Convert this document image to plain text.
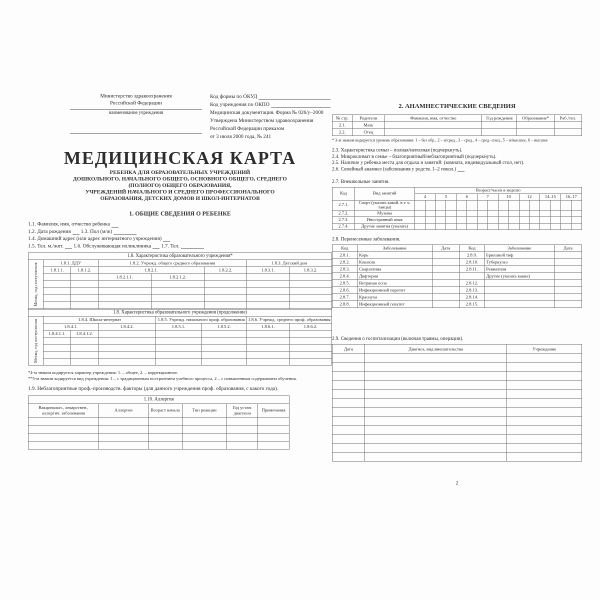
Министерство здравоохранения
Российской Федерации
наименование учреждения
Код формы по ОКУД
Код учреждения по ОКПО
Медицинская документация. Форма № 026/у–2000
Утверждена Министерством здравоохранения
Российской Федерации приказом
от 3 июля 2000 года, № 241
МЕДИЦИНСКАЯ КАРТА
РЕБЕНКА ДЛЯ ОБРАЗОВАТЕЛЬНЫХ УЧРЕЖДЕНИЙ
ДОШКОЛЬНОГО, НАЧАЛЬНОГО ОБЩЕГО, ОСНОВНОГО ОБЩЕГО, СРЕДНЕГО
(ПОЛНОГО) ОБЩЕГО ОБРАЗОВАНИЯ,
УЧРЕЖДЕНИЙ НАЧАЛЬНОГО И СРЕДНЕГО ПРОФЕССИОНАЛЬНОГО
ОБРАЗОВАНИЯ, ДЕТСКИХ ДОМОВ И ШКОЛ-ИНТЕРНАТОВ
1. ОБЩИЕ СВЕДЕНИЯ О РЕБЕНКЕ
1.1. Фамилия, имя, отчество ребенка
1.2. Дата рождения 1.3. Пол (м/ж)
1.4. Домашний адрес (или адрес интернатного учреждения)
1.5. Тел. м./жит. 1.6. Обслуживающая поликлиника 1.7. Тел.
1.8. Характеристика образовательного учреждения*							
Месяц, год поступления	1.8.1. ДДУ		1.8.2. Учрежд. общего среднего образования			1.8.3. Детский дом	
	1.8.1.1.	1.8.1.2.	1.8.2.1.		1.8.2.2.	1.8.3.1.	1.8.3.2.
			1.8.2.1.1.	1.8.2.1.2.			

1.8. Характеристика образовательного учреждения (продолжение)							
Месяц, год поступления	1.8.4. Школа-интернат			1.8.5. Учрежд. начального проф. образования		1.8.6. Учрежд. среднего проф. образования	
	1.8.4.1.		1.8.4.2.	1.8.5.1.	1.8.5.2.	1.8.6.1.	1.8.6.2.
	1.8.4.1.1.	1.8.4.1.2.					

*4-м знаком кодируется характер учреждения: 1. – общее, 2. – коррекционное.
**5-м знаком кодируется вид учреждения: 1 – с традиционным построением учебного процесса, 2 – с повышенным содержанием обучения.
1.9. Неблагоприятные проф.-производств. факторы (для данного учреждения проф. образования, с какого года).
1.10. Аллергия					
Вакцинальн., лекарствен., аллергич. заболевания	Аллерген	Возраст начала	Тип реакции	Год устан. диагноза	Примечания

2. АНАМНЕСТИЧЕСКИЕ СВЕДЕНИЯ
№ стр.	Родители	Фамилия, имя, отчество	Год рождения	Образование*	Раб./тел.
2.1.	Мать				
2.2.	Отец				
* 3-м знаком кодируется уровень образования: 1 – без обр., 2 – н/сред., 3 – сред., 4 – сред.-спец., 5 – н/высшее, 6 – высшее
2.3. Характеристика семьи – полная/неполная (подчеркнуть).
2.4. Микроклимат в семье – благоприятный/неблагоприятный (подчеркнуть).
2.5. Наличие у ребенка места для отдыха и занятий: (комната, индивидуальный стол, нет).
2.6. Семейный анамнез (заболевания у родств. 1–2 покол.)
2.7. Внешкольные занятия.
Код	Вид занятий	Возраст/часов в неделю															
		4		5		6		7		10		12		14–15		16–17	
2.7.1.	Спорт (указать какой, в т. ч. танцы)																
2.7.2.	Музыка																
2.7.3.	Иностранный язык																
2.7.4.	Другие занятия (указать)																
2.8. Перенесенные заболевания.
Код	Заболевание	Дата	Код	Заболевание	Дата
2.8.1.	Корь		2.8.9.	Брюшной тиф	
2.8.2.	Коклюш		2.8.10.	Туберкулез	
2.8.3.	Скарлатина		2.8.11.	Ревматизм	
2.8.4.	Дифтерия			Другие (указать какие)	
2.8.5.	Ветряная оспа		2.8.12.		
2.8.6.	Инфекционный паротит		2.8.13.		
2.8.7.	Краснуха		2.8.14.		
2.8.8.	Инфекционный гепатит		2.8.15.		
2.9. Сведения о госпитализации (включая травмы, операции).
Дата	Диагноз, вид вмешательства	Учреждение

2
